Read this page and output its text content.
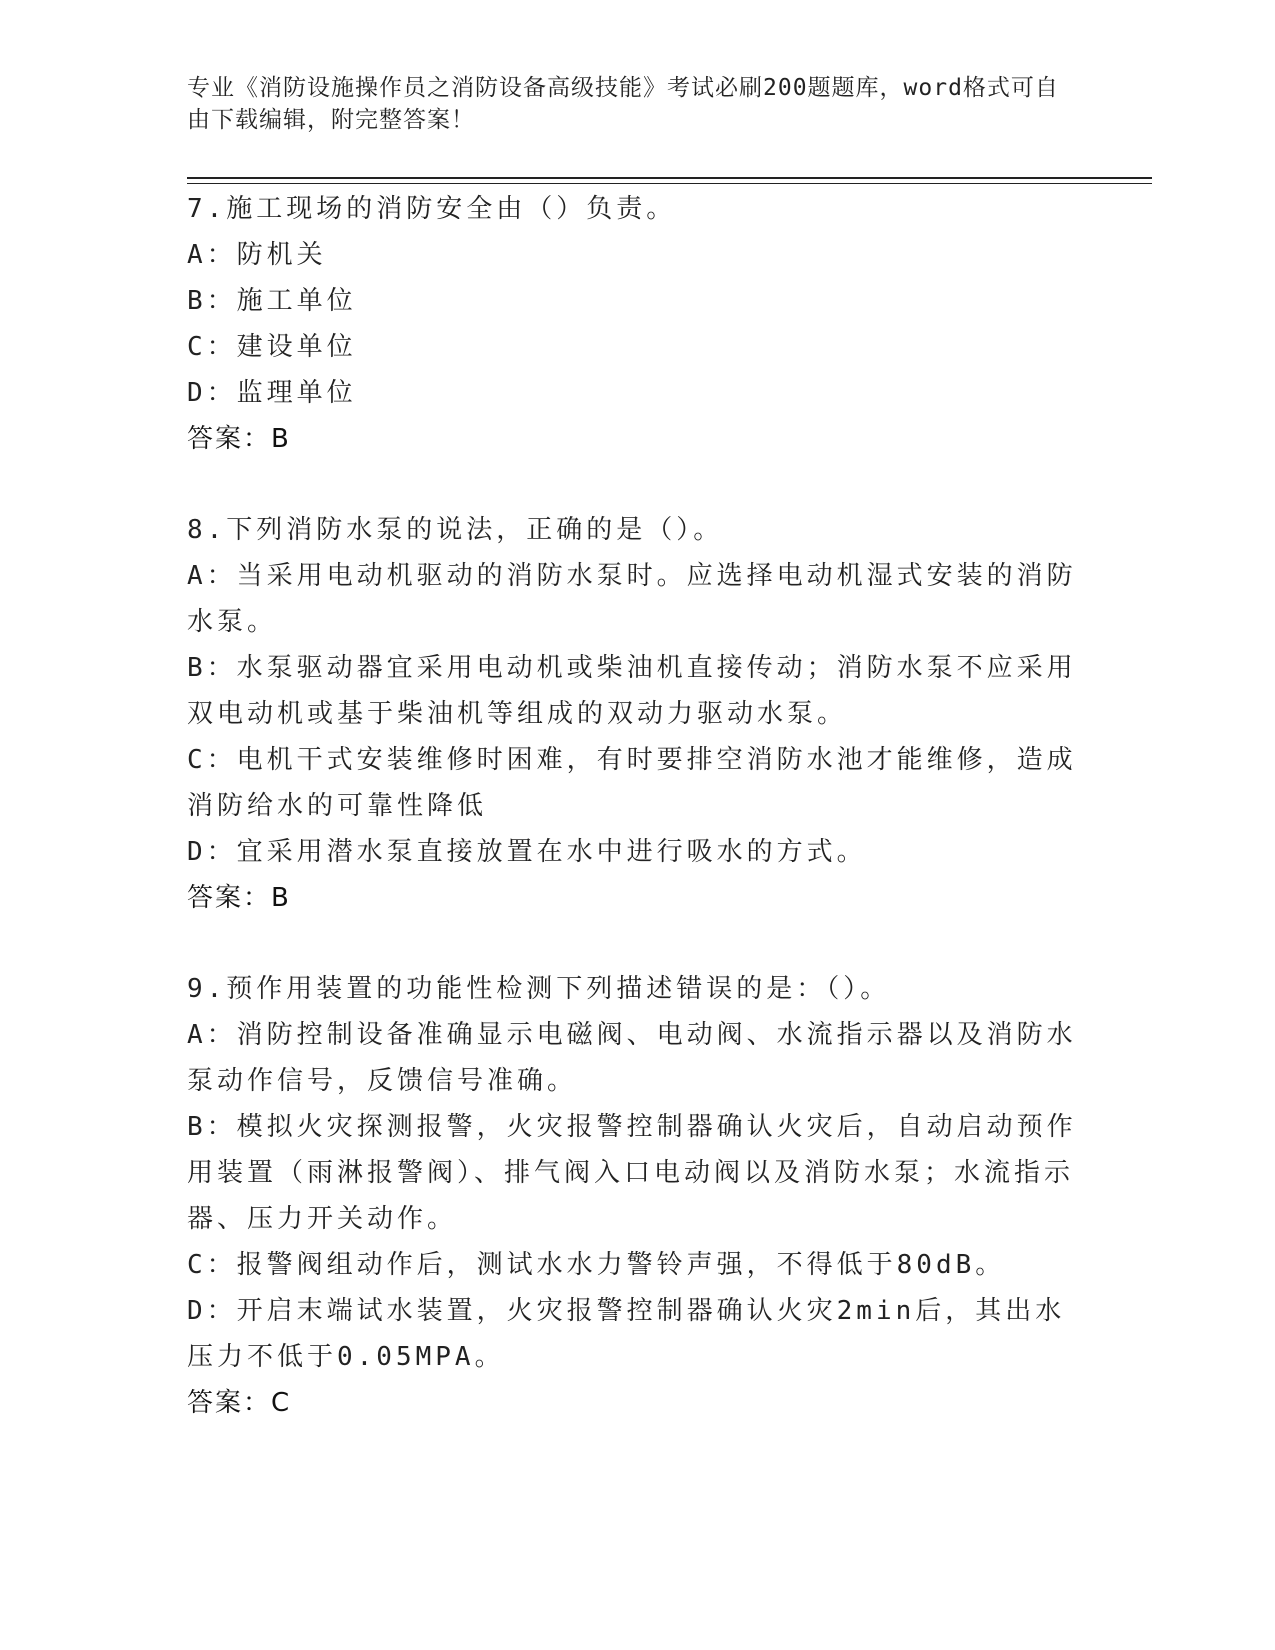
专业《消防设施操作员之消防设备高级技能》考试必刷200题题库，word格式可自由下载编辑，附完整答案！
7.施工现场的消防安全由（）负责。
A：防机关
B：施工单位
C：建设单位
D：监理单位
答案：B
8.下列消防水泵的说法，正确的是（）。
A：当采用电动机驱动的消防水泵时。应选择电动机湿式安装的消防水泵。
B：水泵驱动器宜采用电动机或柴油机直接传动；消防水泵不应采用双电动机或基于柴油机等组成的双动力驱动水泵。
C：电机干式安装维修时困难，有时要排空消防水池才能维修，造成消防给水的可靠性降低
D：宜采用潜水泵直接放置在水中进行吸水的方式。
答案：B
9.预作用装置的功能性检测下列描述错误的是：（）。
A：消防控制设备准确显示电磁阀、电动阀、水流指示器以及消防水泵动作信号，反馈信号准确。
B：模拟火灾探测报警，火灾报警控制器确认火灾后，自动启动预作用装置（雨淋报警阀）、排气阀入口电动阀以及消防水泵；水流指示器、压力开关动作。
C：报警阀组动作后，测试水水力警铃声强，不得低于80dB。
D：开启末端试水装置，火灾报警控制器确认火灾2min后，其出水压力不低于0.05MPA。
答案：C
